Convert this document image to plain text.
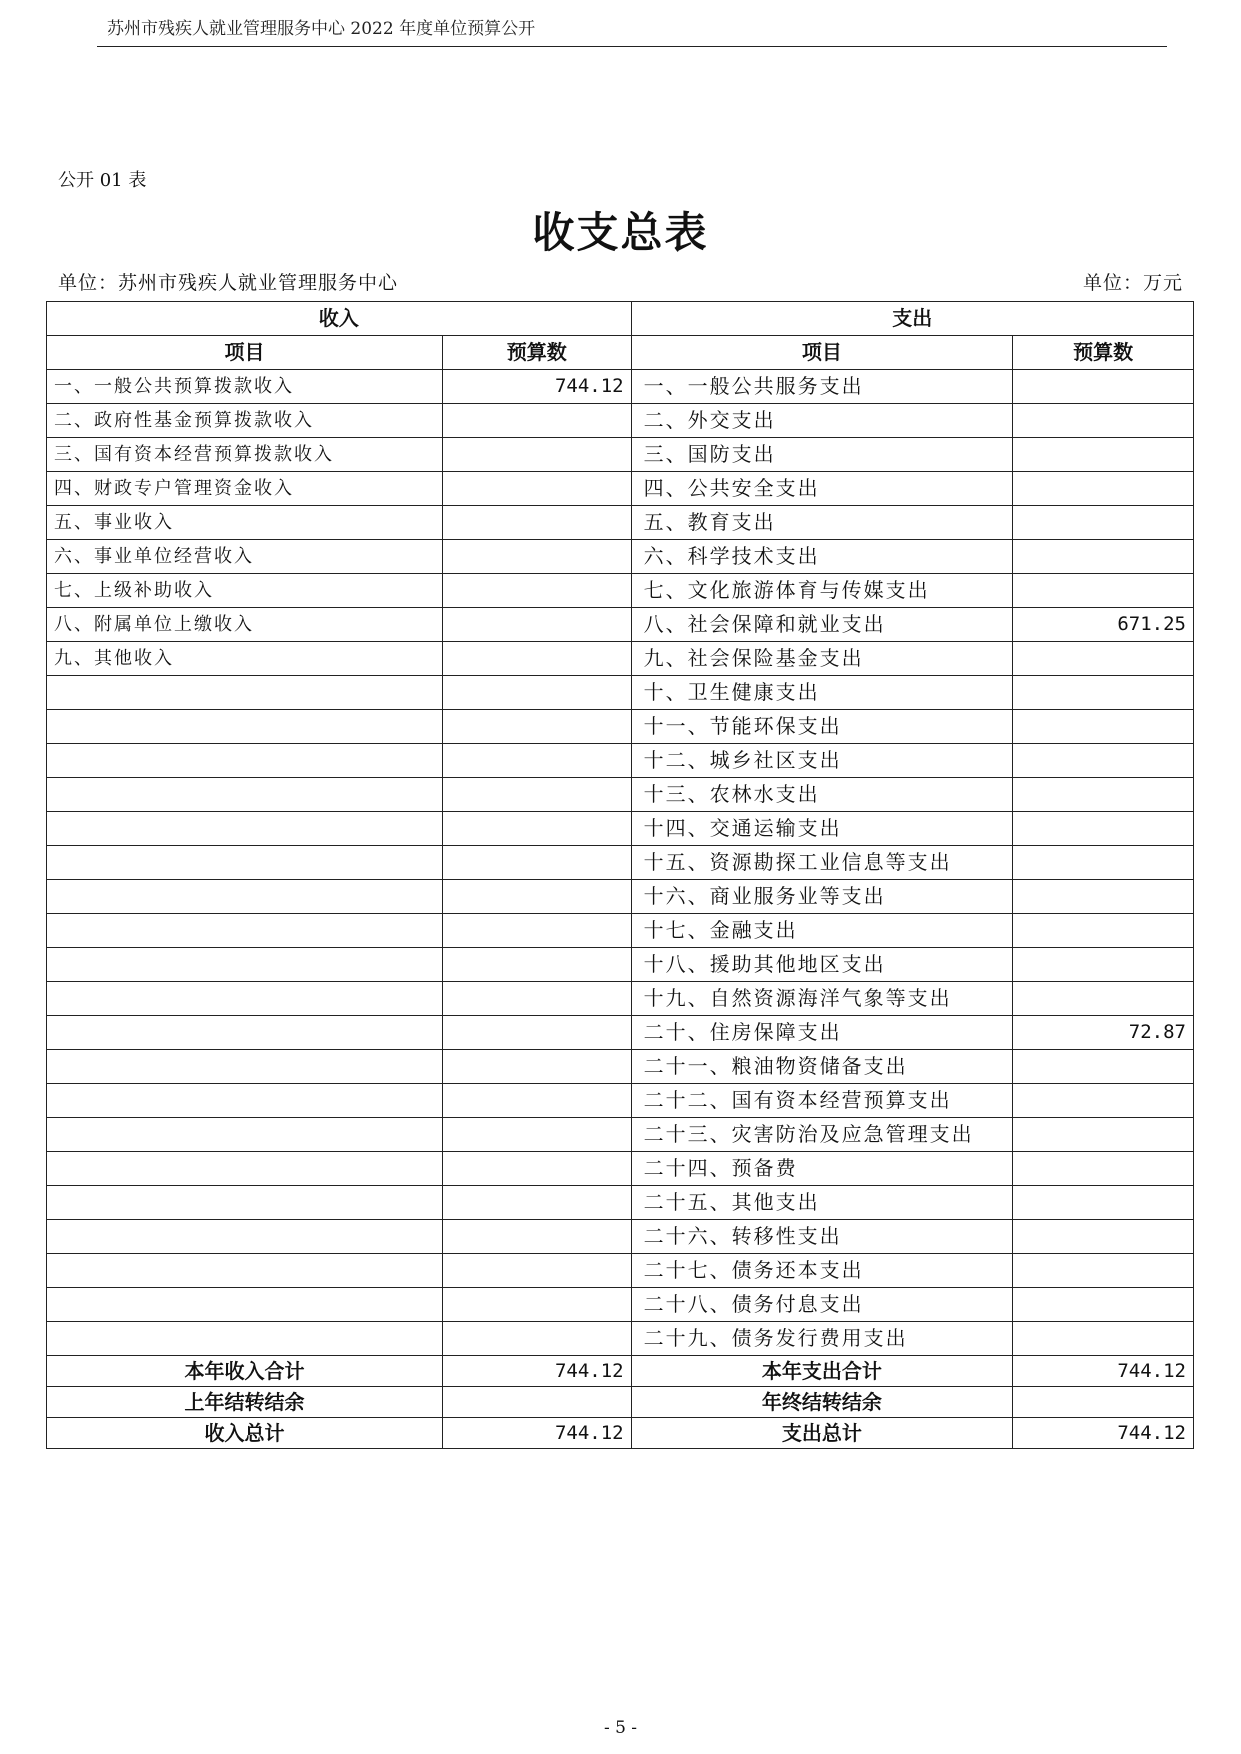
苏州市残疾人就业管理服务中心 2022 年度单位预算公开
公开 01 表
收支总表
单位：苏州市残疾人就业管理服务中心	单位：万元
收入		支出	
项目	预算数	项目	预算数
一、一般公共预算拨款收入	744.12	一、一般公共服务支出	
二、政府性基金预算拨款收入		二、外交支出	
三、国有资本经营预算拨款收入		三、国防支出	
四、财政专户管理资金收入		四、公共安全支出	
五、事业收入		五、教育支出	
六、事业单位经营收入		六、科学技术支出	
七、上级补助收入		七、文化旅游体育与传媒支出	
八、附属单位上缴收入		八、社会保障和就业支出	671.25
九、其他收入		九、社会保险基金支出	
		十、卫生健康支出	
		十一、节能环保支出	
		十二、城乡社区支出	
		十三、农林水支出	
		十四、交通运输支出	
		十五、资源勘探工业信息等支出	
		十六、商业服务业等支出	
		十七、金融支出	
		十八、援助其他地区支出	
		十九、自然资源海洋气象等支出	
		二十、住房保障支出	72.87
		二十一、粮油物资储备支出	
		二十二、国有资本经营预算支出	
		二十三、灾害防治及应急管理支出	
		二十四、预备费	
		二十五、其他支出	
		二十六、转移性支出	
		二十七、债务还本支出	
		二十八、债务付息支出	
		二十九、债务发行费用支出	
本年收入合计	744.12	本年支出合计	744.12
上年结转结余		年终结转结余	
收入总计	744.12	支出总计	744.12
- 5 -
